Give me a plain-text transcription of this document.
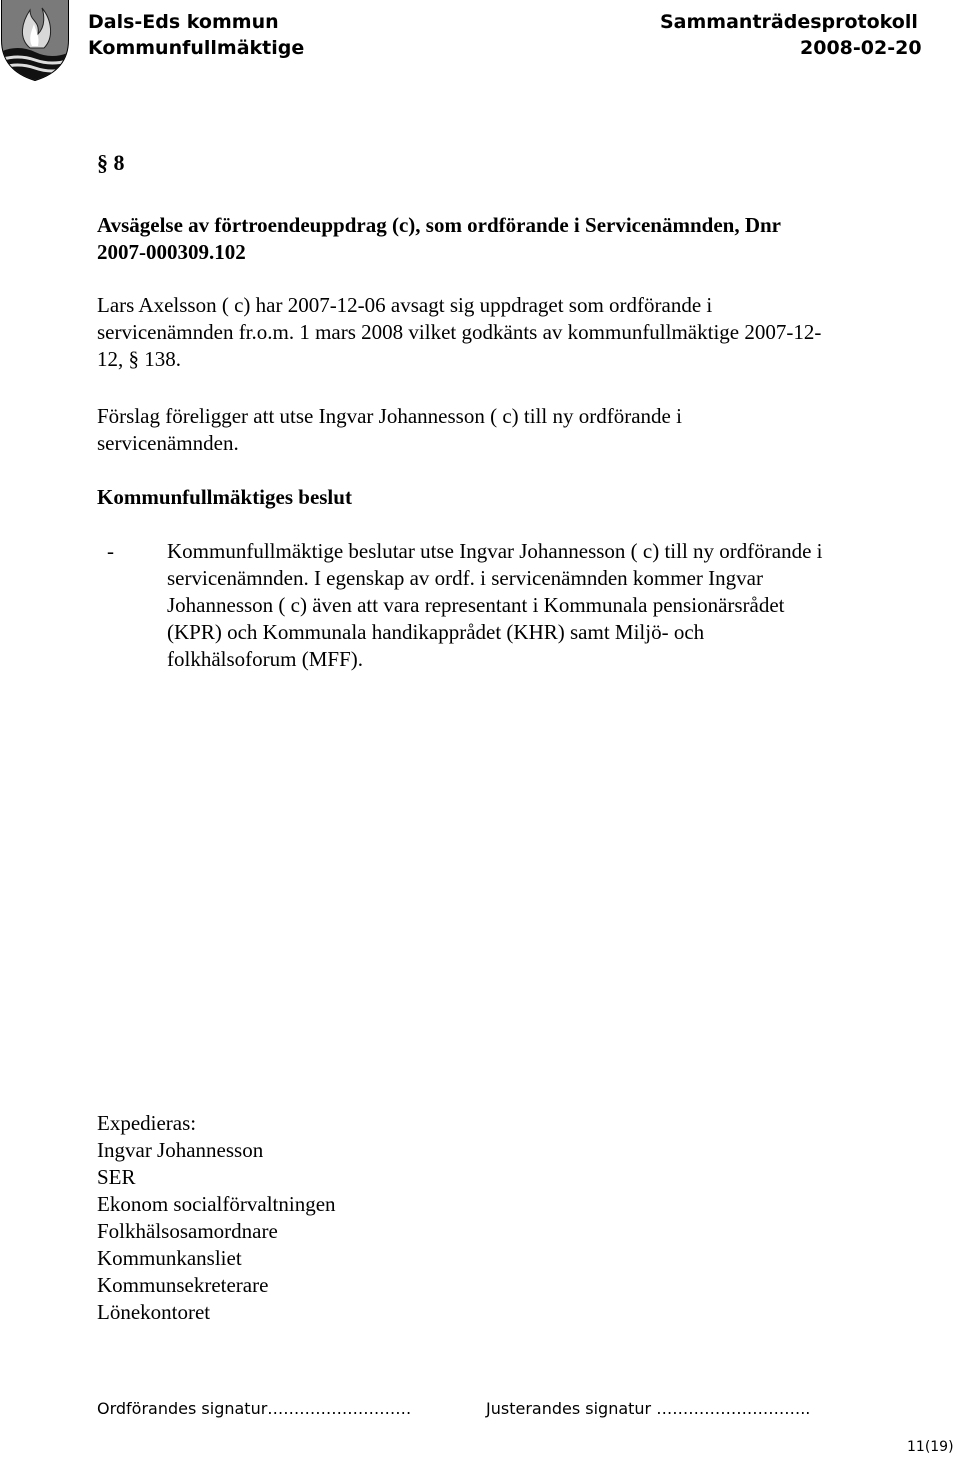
Dals-Eds kommun
Kommunfullmäktige
Sammanträdesprotokoll
2008-02-20
§ 8
Avsägelse av förtroendeuppdrag (c), som ordförande i Servicenämnden, Dnr
2007-000309.102
Lars Axelsson ( c) har 2007-12-06 avsagt sig uppdraget som ordförande i
servicenämnden fr.o.m. 1 mars 2008 vilket godkänts av kommunfullmäktige 2007-12-
12, § 138.
Förslag föreligger att utse Ingvar Johannesson ( c) till ny ordförande i
servicenämnden.
Kommunfullmäktiges beslut
-	Kommunfullmäktige beslutar utse Ingvar Johannesson ( c) till ny ordförande i
servicenämnden. I egenskap av ordf. i servicenämnden kommer Ingvar
Johannesson ( c) även att vara representant i Kommunala pensionärsrådet
(KPR) och Kommunala handikapprådet (KHR) samt Miljö- och
folkhälsoforum (MFF).
Expedieras:
Ingvar Johannesson
SER
Ekonom socialförvaltningen
Folkhälsosamordnare
Kommunkansliet
Kommunsekreterare
Lönekontoret
Ordförandes signatur………………………	Justerandes signatur ………………………..
11(19)
